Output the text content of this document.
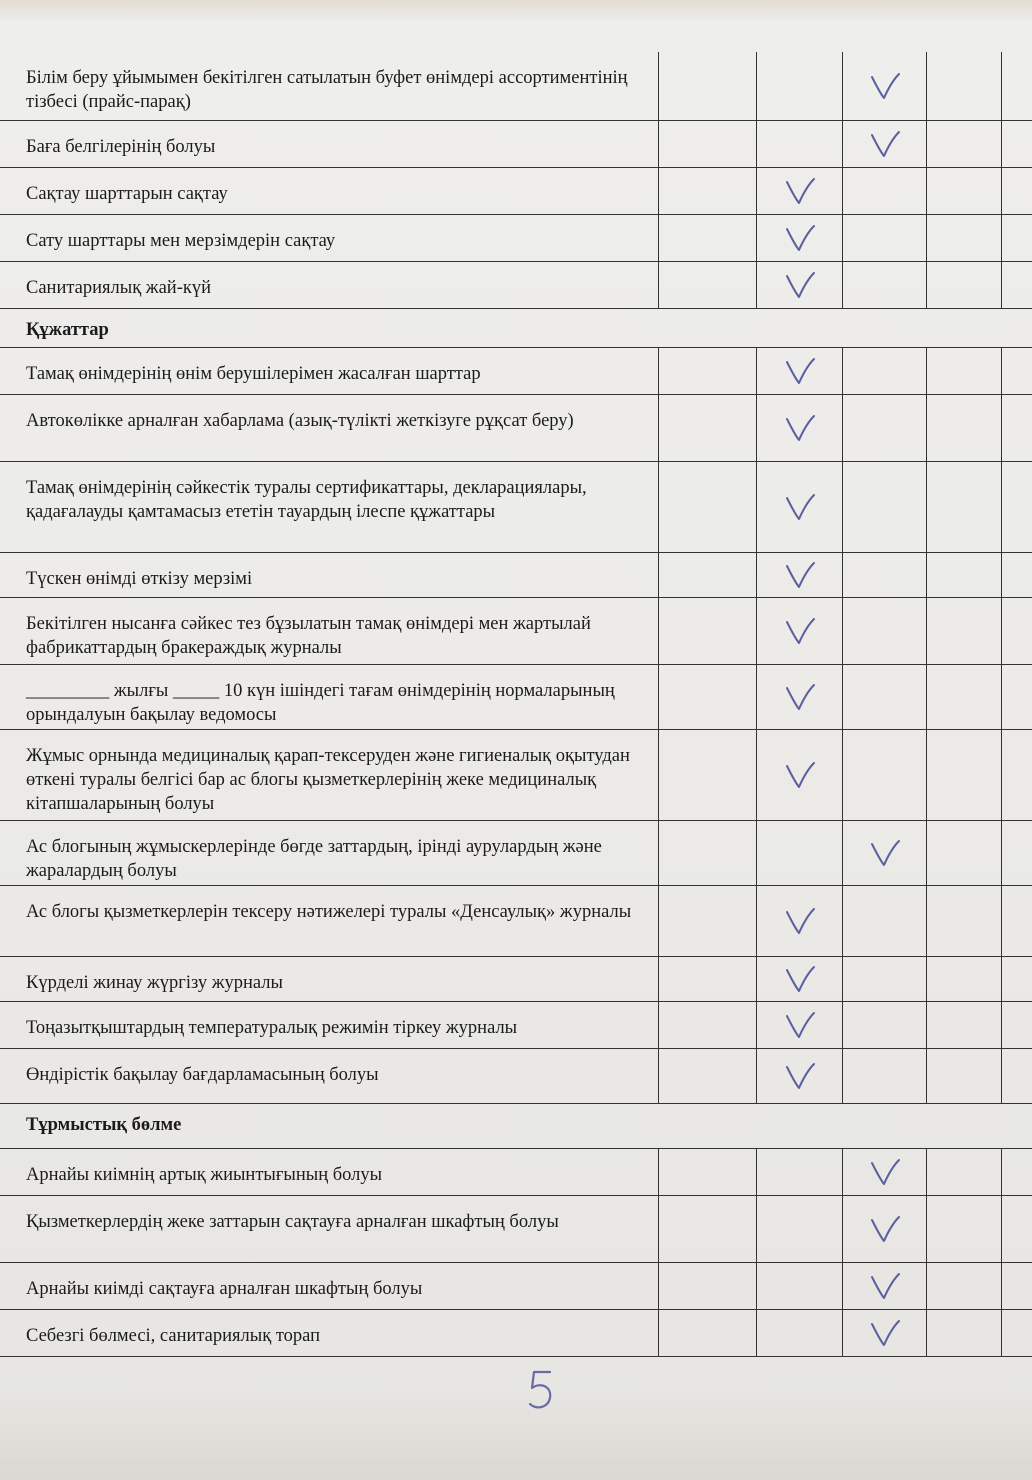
Білім беру ұйымымен бекітілген сатылатын буфет өнімдері ассортиментінің тізбесі (прайс-парақ)
Баға белгілерінің болуы
Сақтау шарттарын сақтау
Сату шарттары мен мерзімдерін сақтау
Санитариялық жай-күй
Құжаттар
Тамақ өнімдерінің өнім берушілерімен жасалған шарттар
Автокөлікке арналған хабарлама (азық-түлікті жеткізуге рұқсат беру)
Тамақ өнімдерінің сәйкестік туралы сертификаттары, декларациялары, қадағалауды қамтамасыз ететін тауардың ілеспе құжаттары
Түскен өнімді өткізу мерзімі
Бекітілген нысанға сәйкес тез бұзылатын тамақ өнімдері мен жартылай фабрикаттардың бракераждық журналы
_________ жылғы _____ 10 күн ішіндегі тағам өнімдерінің нормаларының орындалуын бақылау ведомосы
Жұмыс орнында медициналық қарап-тексеруден және гигиеналық оқытудан өткені туралы белгісі бар ас блогы қызметкерлерінің жеке медициналық кітапшаларының болуы
Ас блогының жұмыскерлерінде бөгде заттардың, ірінді аурулардың және жаралардың болуы
Ас блогы қызметкерлерін тексеру нәтижелері туралы «Денсаулық» журналы
Күрделі жинау жүргізу журналы
Тоңазытқыштардың температуралық режимін тіркеу журналы
Өндірістік бақылау бағдарламасының болуы
Тұрмыстық бөлме
Арнайы киімнің артық жиынтығының болуы
Қызметкерлердің жеке заттарын сақтауға арналған шкафтың болуы
Арнайы киімді сақтауға арналған шкафтың болуы
Себезгі бөлмесі, санитариялық торап
